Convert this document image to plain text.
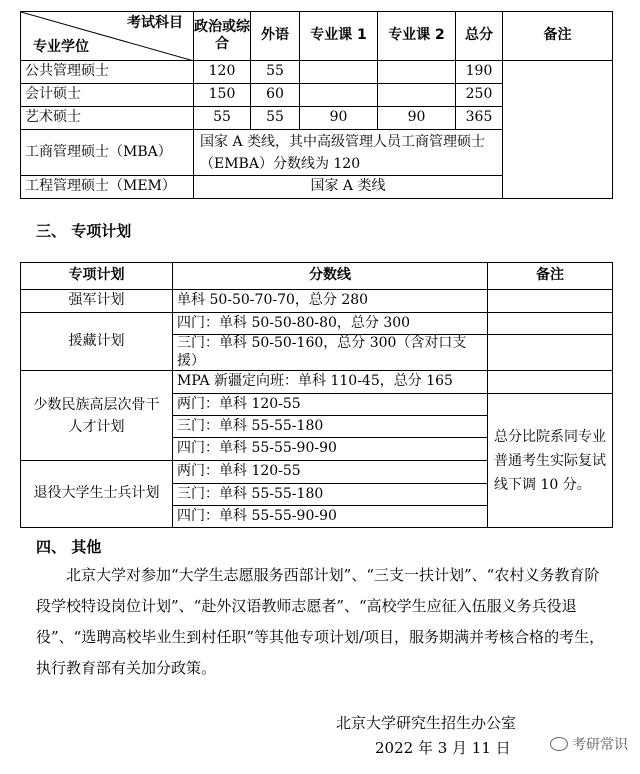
考试科目
专业学位	政治或综合	外语	专业课 1	专业课 2	总分	备注
公共管理硕士	120	55			190	
会计硕士	150	60			250	
艺术硕士	55	55	90	90	365	
工商管理硕士（MBA）	国家 A 类线，其中高级管理人员工商管理硕士（EMBA）分数线为 120					
工程管理硕士（MEM）	国家 A 类线					
三、 专项计划
专项计划	分数线	备注
强军计划	单科 50-50-70-70，总分 280	
援藏计划	四门：单科 50-50-80-80，总分 300	
	三门：单科 50-50-160，总分 300（含对口支援）	
少数民族高层次骨干人才计划	MPA 新疆定向班：单科 110-45，总分 165	
	两门：单科 120-55	总分比院系同专业普通考生实际复试线下调 10 分。
	三门：单科 55-55-180	
	四门：单科 55-55-90-90	
退役大学生士兵计划	两门：单科 120-55	
	三门：单科 55-55-180	
	四门：单科 55-55-90-90	
四、 其他
北京大学对参加“大学生志愿服务西部计划”、“三支一扶计划”、“农村义务教育阶段学校特设岗位计划”、“赴外汉语教师志愿者”、“高校学生应征入伍服义务兵役退役”、“选聘高校毕业生到村任职”等其他专项计划/项目，服务期满并考核合格的考生，执行教育部有关加分政策。
北京大学研究生招生办公室
2022 年 3 月 11 日	考研常识
